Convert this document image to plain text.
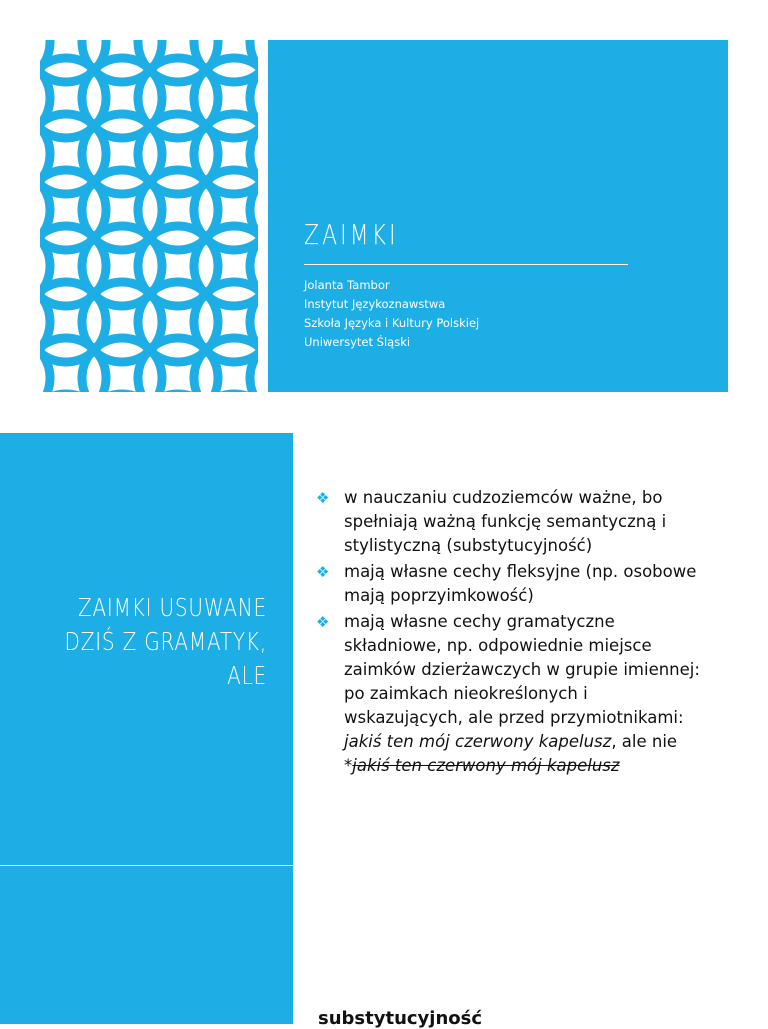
ZAIMKI
Jolanta Tambor
Instytut Językoznawstwa
Szkoła Języka i Kultury Polskiej
Uniwersytet Śląski
ZAIMKI USUWANE DZIŚ Z GRAMATYK, ALE
❖ w nauczaniu cudzoziemców ważne, bo spełniają ważną funkcję semantyczną i stylistyczną (substytucyjność)
❖ mają własne cechy fleksyjne (np. osobowe mają poprzyimkowość)
❖ mają własne cechy gramatyczne składniowe, np. odpowiednie miejsce zaimków dzierżawczych w grupie imiennej: po zaimkach nieokreślonych i wskazujących, ale przed przymiotnikami: jakiś ten mój czerwony kapelusz, ale nie *jakiś ten czerwony mój kapelusz
substytucyjność
